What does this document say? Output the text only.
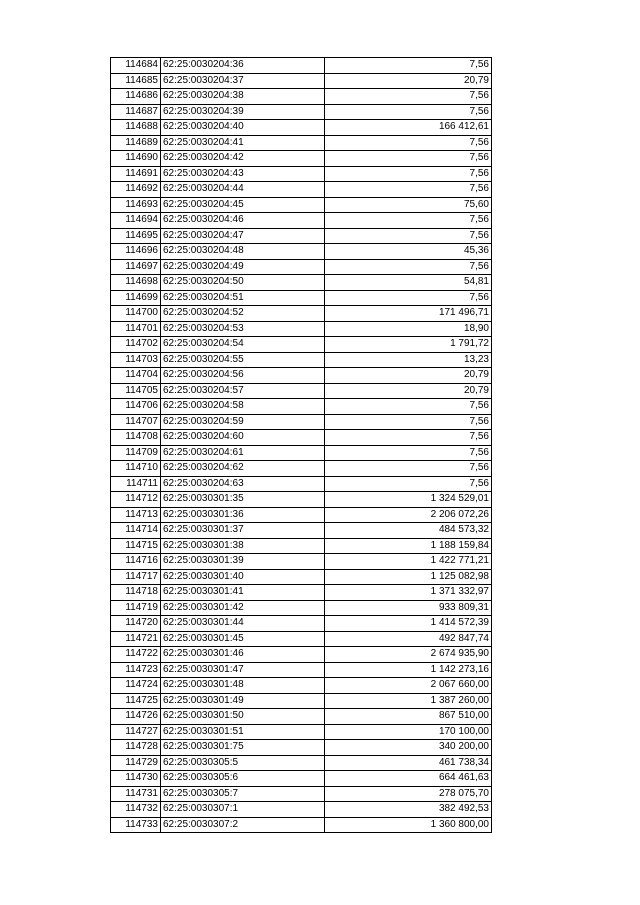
114684	62:25:0030204:36	7,56
114685	62:25:0030204:37	20,79
114686	62:25:0030204:38	7,56
114687	62:25:0030204:39	7,56
114688	62:25:0030204:40	166 412,61
114689	62:25:0030204:41	7,56
114690	62:25:0030204:42	7,56
114691	62:25:0030204:43	7,56
114692	62:25:0030204:44	7,56
114693	62:25:0030204:45	75,60
114694	62:25:0030204:46	7,56
114695	62:25:0030204:47	7,56
114696	62:25:0030204:48	45,36
114697	62:25:0030204:49	7,56
114698	62:25:0030204:50	54,81
114699	62:25:0030204:51	7,56
114700	62:25:0030204:52	171 496,71
114701	62:25:0030204:53	18,90
114702	62:25:0030204:54	1 791,72
114703	62:25:0030204:55	13,23
114704	62:25:0030204:56	20,79
114705	62:25:0030204:57	20,79
114706	62:25:0030204:58	7,56
114707	62:25:0030204:59	7,56
114708	62:25:0030204:60	7,56
114709	62:25:0030204:61	7,56
114710	62:25:0030204:62	7,56
114711	62:25:0030204:63	7,56
114712	62:25:0030301:35	1 324 529,01
114713	62:25:0030301:36	2 206 072,26
114714	62:25:0030301:37	484 573,32
114715	62:25:0030301:38	1 188 159,84
114716	62:25:0030301:39	1 422 771,21
114717	62:25:0030301:40	1 125 082,98
114718	62:25:0030301:41	1 371 332,97
114719	62:25:0030301:42	933 809,31
114720	62:25:0030301:44	1 414 572,39
114721	62:25:0030301:45	492 847,74
114722	62:25:0030301:46	2 674 935,90
114723	62:25:0030301:47	1 142 273,16
114724	62:25:0030301:48	2 067 660,00
114725	62:25:0030301:49	1 387 260,00
114726	62:25:0030301:50	867 510,00
114727	62:25:0030301:51	170 100,00
114728	62:25:0030301:75	340 200,00
114729	62:25:0030305:5	461 738,34
114730	62:25:0030305:6	664 461,63
114731	62:25:0030305:7	278 075,70
114732	62:25:0030307:1	382 492,53
114733	62:25:0030307:2	1 360 800,00
